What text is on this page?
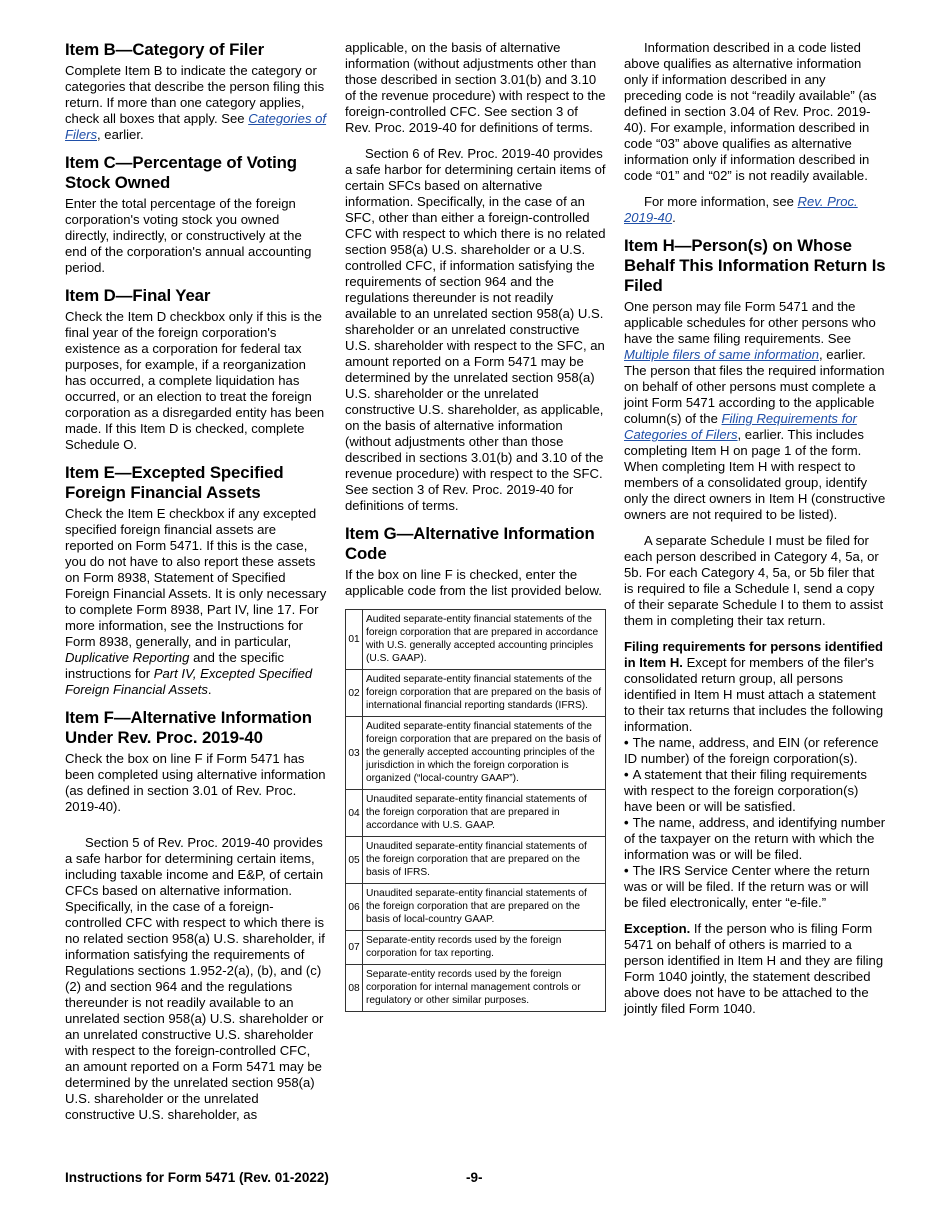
Item B—Category of Filer

Complete Item B to indicate the category or categories that describe the person filing this return. If more than one category applies, check all boxes that apply. See Categories of Filers, earlier.

Item C—Percentage of Voting Stock Owned

Enter the total percentage of the foreign corporation's voting stock you owned directly, indirectly, or constructively at the end of the corporation's annual accounting period.

Item D—Final Year

Check the Item D checkbox only if this is the final year of the foreign corporation's existence as a corporation for federal tax purposes, for example, if a reorganization has occurred, a complete liquidation has occurred, or an election to treat the foreign corporation as a disregarded entity has been made. If this Item D is checked, complete Schedule O.

Item E—Excepted Specified Foreign Financial Assets

Check the Item E checkbox if any excepted specified foreign financial assets are reported on Form 5471. If this is the case, you do not have to also report these assets on Form 8938, Statement of Specified Foreign Financial Assets. It is only necessary to complete Form 8938, Part IV, line 17. For more information, see the Instructions for Form 8938, generally, and in particular, Duplicative Reporting and the specific instructions for Part IV, Excepted Specified Foreign Financial Assets.

Item F—Alternative Information Under Rev. Proc. 2019-40

Check the box on line F if Form 5471 has been completed using alternative information (as defined in section 3.01 of Rev. Proc. 2019-40).

Section 5 of Rev. Proc. 2019-40 provides a safe harbor for determining certain items, including taxable income and E&P, of certain CFCs based on alternative information. Specifically, in the case of a foreign-controlled CFC with respect to which there is no related section 958(a) U.S. shareholder, if information satisfying the requirements of Regulations sections 1.952-2(a), (b), and (c)(2) and section 964 and the regulations thereunder is not readily available to an unrelated section 958(a) U.S. shareholder or an unrelated constructive U.S. shareholder with respect to the foreign-controlled CFC, an amount reported on a Form 5471 may be determined by the unrelated section 958(a) U.S. shareholder or the unrelated constructive U.S. shareholder, as

applicable, on the basis of alternative information (without adjustments other than those described in section 3.01(b) and 3.10 of the revenue procedure) with respect to the foreign-controlled CFC. See section 3 of Rev. Proc. 2019-40 for definitions of terms.

Section 6 of Rev. Proc. 2019-40 provides a safe harbor for determining certain items of certain SFCs based on alternative information. Specifically, in the case of an SFC, other than either a foreign-controlled CFC with respect to which there is no related section 958(a) U.S. shareholder or a U.S. controlled CFC, if information satisfying the requirements of section 964 and the regulations thereunder is not readily available to an unrelated section 958(a) U.S. shareholder or an unrelated constructive U.S. shareholder with respect to the SFC, an amount reported on a Form 5471 may be determined by the unrelated section 958(a) U.S. shareholder or the unrelated constructive U.S. shareholder, as applicable, on the basis of alternative information (without adjustments other than those described in sections 3.01(b) and 3.10 of the revenue procedure) with respect to the SFC. See section 3 of Rev. Proc. 2019-40 for definitions of terms.

Item G—Alternative Information Code

If the box on line F is checked, enter the applicable code from the list provided below.

01	Audited separate-entity financial statements of the foreign corporation that are prepared in accordance with U.S. generally accepted accounting principles (U.S. GAAP).
02	Audited separate-entity financial statements of the foreign corporation that are prepared on the basis of international financial reporting standards (IFRS).
03	Audited separate-entity financial statements of the foreign corporation that are prepared on the basis of the generally accepted accounting principles of the jurisdiction in which the foreign corporation is organized (“local-country GAAP”).
04	Unaudited separate-entity financial statements of the foreign corporation that are prepared in accordance with U.S. GAAP.
05	Unaudited separate-entity financial statements of the foreign corporation that are prepared on the basis of IFRS.
06	Unaudited separate-entity financial statements of the foreign corporation that are prepared on the basis of local-country GAAP.
07	Separate-entity records used by the foreign corporation for tax reporting.
08	Separate-entity records used by the foreign corporation for internal management controls or regulatory or other similar purposes.

Information described in a code listed above qualifies as alternative information only if information described in any preceding code is not “readily available” (as defined in section 3.04 of Rev. Proc. 2019-40). For example, information described in code “03” above qualifies as alternative information only if information described in code “01” and “02” is not readily available.

For more information, see Rev. Proc. 2019-40.

Item H—Person(s) on Whose Behalf This Information Return Is Filed

One person may file Form 5471 and the applicable schedules for other persons who have the same filing requirements. See Multiple filers of same information, earlier. The person that files the required information on behalf of other persons must complete a joint Form 5471 according to the applicable column(s) of the Filing Requirements for Categories of Filers, earlier. This includes completing Item H on page 1 of the form. When completing Item H with respect to members of a consolidated group, identify only the direct owners in Item H (constructive owners are not required to be listed).

A separate Schedule I must be filed for each person described in Category 4, 5a, or 5b. For each Category 4, 5a, or 5b filer that is required to file a Schedule I, send a copy of their separate Schedule I to them to assist them in completing their tax return.

Filing requirements for persons identified in Item H. Except for members of the filer's consolidated return group, all persons identified in Item H must attach a statement to their tax returns that includes the following information.

• The name, address, and EIN (or reference ID number) of the foreign corporation(s).
• A statement that their filing requirements with respect to the foreign corporation(s) have been or will be satisfied.
• The name, address, and identifying number of the taxpayer on the return with which the information was or will be filed.
• The IRS Service Center where the return was or will be filed. If the return was or will be filed electronically, enter “e-file.”

Exception. If the person who is filing Form 5471 on behalf of others is married to a person identified in Item H and they are filing Form 1040 jointly, the statement described above does not have to be attached to the jointly filed Form 1040.

Instructions for Form 5471 (Rev. 01-2022)	-9-
